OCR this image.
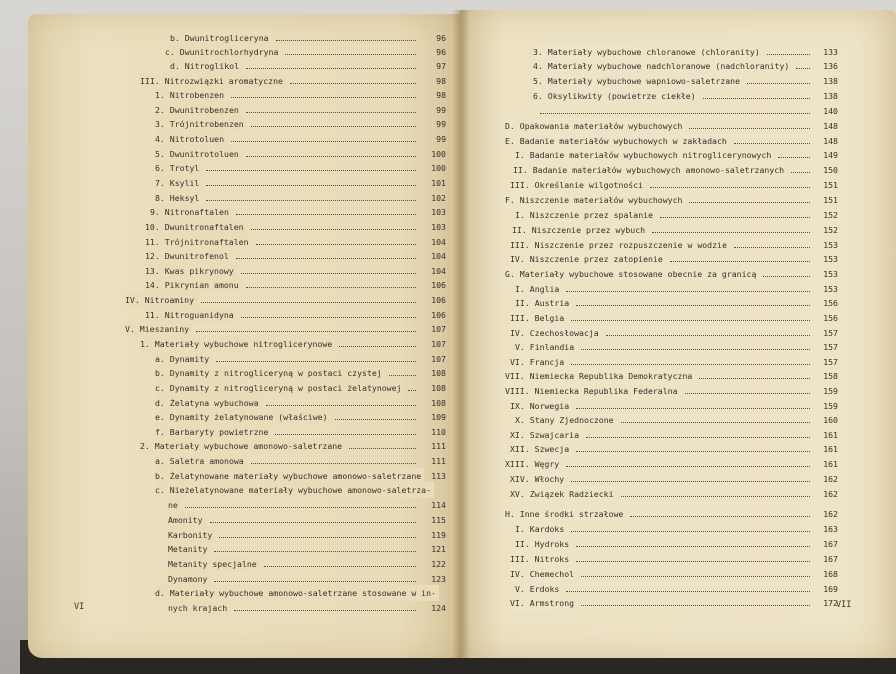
b. Dwunitrogliceryna	96
c. Dwunitrochlorhydryna	96
d. Nitroglikol	97
III. Nitrozwiązki aromatyczne	98
1. Nitrobenzen	98
2. Dwunitrobenzen	99
3. Trójnitrobenzen	99
4. Nitrotoluen	99
5. Dwunitrotoluen	100
6. Trotyl	100
7. Ksylil	101
8. Heksyl	102
9. Nitronaftalen	103
10. Dwunitronaftalen	103
11. Trójnitronaftalen	104
12. Dwunitrofenol	104
13. Kwas pikrynowy	104
14. Pikrynian amonu	106
IV. Nitroaminy	106
11. Nitroguanidyna	106
V. Mieszaniny	107
1. Materiały wybuchowe nitroglicerynowe	107
a. Dynamity	107
b. Dynamity z nitrogliceryną w postaci czystej	108
c. Dynamity z nitrogliceryną w postaci żelatynowej	108
d. Żelatyna wybuchowa	108
e. Dynamity żelatynowane (właściwe)	109
f. Barbaryty powietrzne	110
2. Materiały wybuchowe amonowo-saletrzane	111
a. Saletra amonowa	111
b. Żelatynowane materiały wybuchowe amonowo-saletrzane	113
c. Nieżelatynowane materiały wybuchowe amonowo-saletrza-
ne	114
Amonity	115
Karbonity	119
Metanity	121
Metanity specjalne	122
Dynamony	123
d. Materiały wybuchowe amonowo-saletrzane stosowane w in-
nych krajach	124
3. Materiały wybuchowe chloranowe (chloranity)	133
4. Materiały wybuchowe nadchloranowe (nadchloranity)	136
5. Materiały wybuchowe wapniowo-saletrzane	138
6. Oksylikwity (powietrze ciekłe)	138
140
D. Opakowania materiałów wybuchowych	148
E. Badanie materiałów wybuchowych w zakładach	148
I. Badanie materiałów wybuchowych nitroglicerynowych	149
II. Badanie materiałów wybuchowych amonowo-saletrzanych	150
III. Określanie wilgotności	151
F. Niszczenie materiałów wybuchowych	151
I. Niszczenie przez spalanie	152
II. Niszczenie przez wybuch	152
III. Niszczenie przez rozpuszczenie w wodzie	153
IV. Niszczenie przez zatopienie	153
G. Materiały wybuchowe stosowane obecnie za granicą	153
I. Anglia	153
II. Austria	156
III. Belgia	156
IV. Czechosłowacja	157
V. Finlandia	157
VI. Francja	157
VII. Niemiecka Republika Demokratyczna	158
VIII. Niemiecka Republika Federalna	159
IX. Norwegia	159
X. Stany Zjednoczone	160
XI. Szwajcaria	161
XII. Szwecja	161
XIII. Węgry	161
XIV. Włochy	162
XV. Związek Radziecki	162
H. Inne środki strzałowe	162
I. Kardoks	163
II. Hydroks	167
III. Nitroks	167
IV. Chemechol	168
V. Erdoks	169
VI. Armstrong	172
VI	VII
